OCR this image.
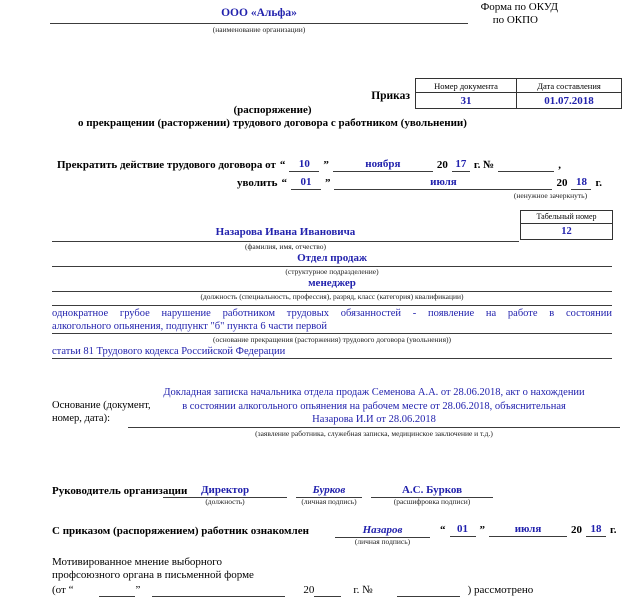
Форма по ОКУД
по ОКПО
ООО «Альфа»
(наименование организации)
Приказ
Номер документа	Дата составления
31	01.07.2018
(распоряжение)
о прекращении (расторжении) трудового договора с работником (увольнении)
Прекратить действие трудового договора от “	10	”	ноября	20 17 г. №	,
уволить “	01	”	июля	20 18 г.
(ненужное зачеркнуть)
Табельный номер
12
Назарова Ивана Ивановича
(фамилия, имя, отчество)
Отдел продаж
(структурное подразделение)
менеджер
(должность (специальность, профессия), разряд, класс (категория) квалификации)
однократное грубое нарушение работником трудовых обязанностей - появление на работе в состоянии
алкогольного опьянения, подпункт "б" пункта 6 части первой
(основание прекращения (расторжения) трудового договора (увольнения))
статьи 81 Трудового кодекса Российской Федерации
Основание (документ,
номер, дата):
Докладная записка начальника отдела продаж Семенова А.А. от 28.06.2018, акт о нахождении
в состоянии алкогольного опьянения на рабочем месте от 28.06.2018, объяснительная
Назарова И.И от 28.06.2018
(заявление работника, служебная записка, медицинское заключение и т.д.)
Руководитель организации	Директор
(должность)
Бурков
(личная подпись)
А.С. Бурков
(расшифровка подписи)
С приказом (распоряжением) работник ознакомлен	Назаров
(личная подпись)
“	01	”	июля	20 18 г.
Мотивированное мнение выборного
профсоюзного органа в письменной форме
(от “	”	20	г. №	) рассмотрено
